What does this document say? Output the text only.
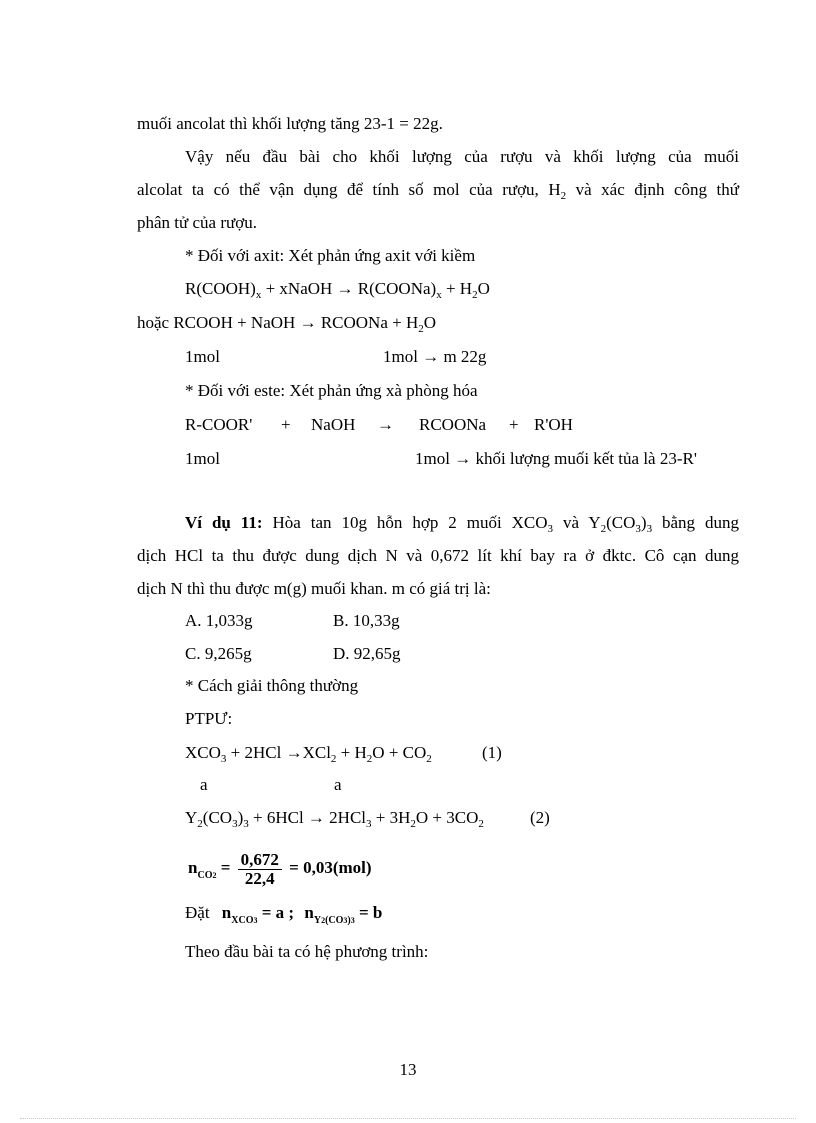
muối ancolat thì khối lượng tăng 23-1 = 22g.
Vậy nếu đầu bài cho khối lượng của rượu và khối lượng của muối
alcolat ta có thể vận dụng để tính số mol của rượu, $H_2$ và xác định công thứ
phân tử của rượu.
* Đối với axit: Xét phản ứng axit với kiềm
$R(COOH)_x$ + xNaOH → $R(COONa)_x + H_2O$
hoặc RCOOH + NaOH → RCOONa + $H_2O$
1mol	1mol → m 22g
* Đối với este: Xét phản ứng xà phòng hóa
R-COOR' + NaOH → RCOONa + R'OH
1mol	1mol → khối lượng muối kết tủa là 23-R'
Ví dụ 11: Hòa tan 10g hỗn hợp 2 muối $XCO_3$ và $Y_2(CO_3)_3$ bằng dung
dịch HCl ta thu được dung dịch N và 0,672 lít khí bay ra ở đktc. Cô cạn dung
dịch N thì thu được m(g) muối khan. m có giá trị là:
A. 1,033g	B. 10,33g
C. 9,265g	D. 92,65g
* Cách giải thông thường
PTPƯ:
$XCO_3 + 2HCl \to XCl_2 + H_2O + CO_2$	(1)
a	a
$Y_2(CO_3)_3 + 6HCl \to 2HCl_3 + 3H_2O + 3CO_2$	(2)
$n_{CO2} = \frac{0,672}{22,4} = 0,03(mol)$
Đặt $n_{XCO3} = a$ ; $n_{Y2(CO3)3} = b$
Theo đầu bài ta có hệ phương trình:
13
